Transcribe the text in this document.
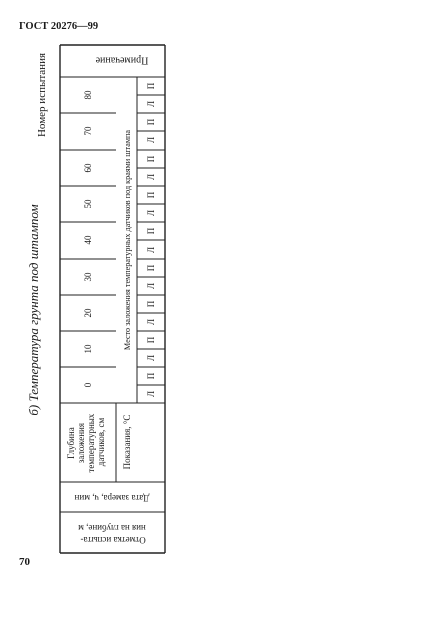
ГОСТ 20276—99
б) Температура грунта под штампом
70
Номер испытания	Примечание
0
10
20
30
40
50
60
70
80
Место заложения температурных датчиков под краями штампа
Л
П
Л
П
Л
П
Л
П
Л
П
Л
П
Л
П
Л
П
Л
П
Глубина заложения температурных датчиков, см Показания, °С
Дата замера, ч, мин
Отметка испыта- ния на глубине, м
